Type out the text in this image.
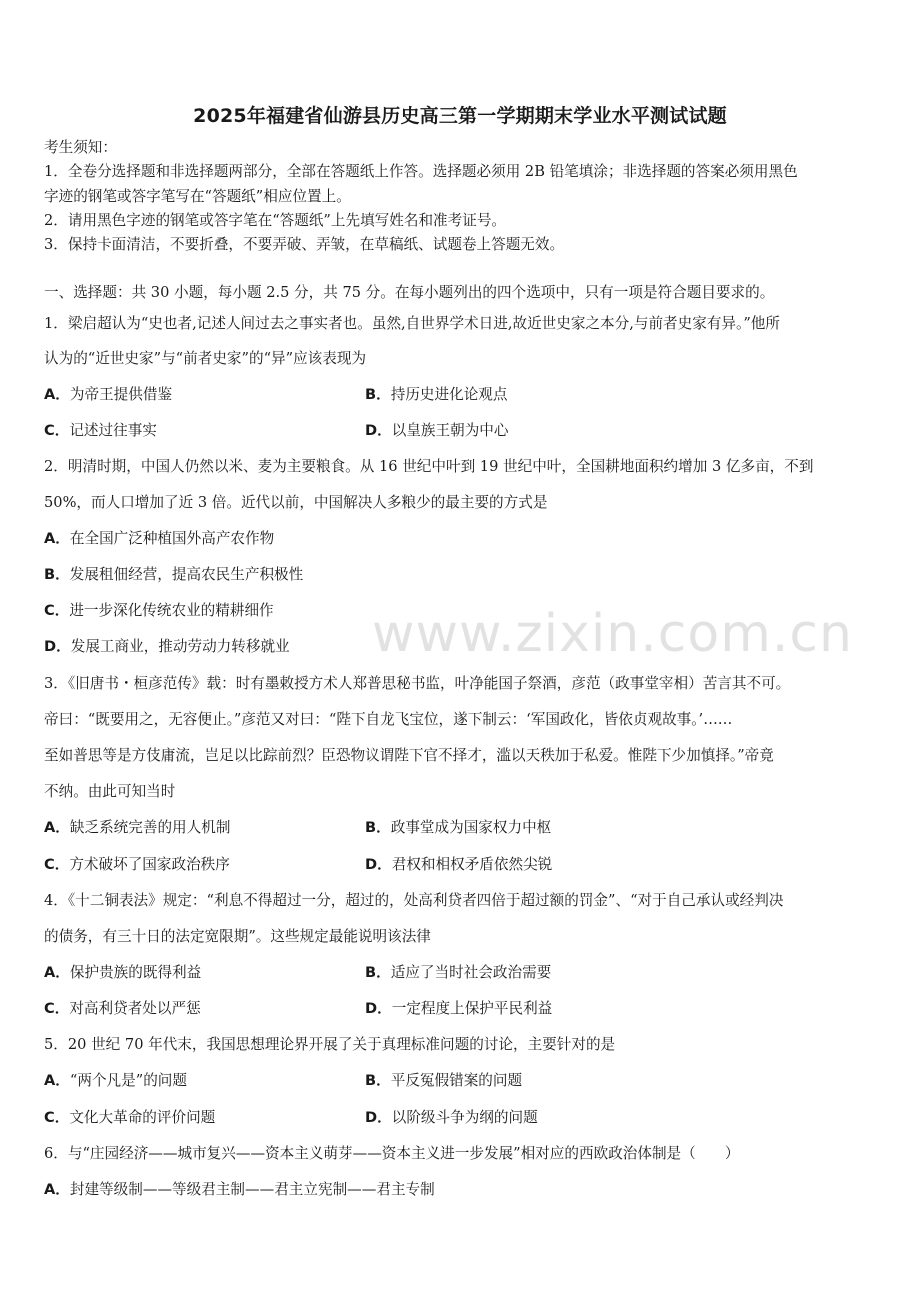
2025年福建省仙游县历史高三第一学期期末学业水平测试试题
考生须知：
1．全卷分选择题和非选择题两部分，全部在答题纸上作答。选择题必须用 2B 铅笔填涂；非选择题的答案必须用黑色
字迹的钢笔或答字笔写在“答题纸”相应位置上。
2．请用黑色字迹的钢笔或答字笔在“答题纸”上先填写姓名和准考证号。
3．保持卡面清洁，不要折叠，不要弄破、弄皱，在草稿纸、试题卷上答题无效。
一、选择题：共 30 小题，每小题 2.5 分，共 75 分。在每小题列出的四个选项中，只有一项是符合题目要求的。
1．梁启超认为“史也者,记述人间过去之事实者也。虽然,自世界学术日进,故近世史家之本分,与前者史家有异。”他所
认为的“近世史家”与“前者史家”的“异”应该表现为
A．为帝王提供借鉴	B．持历史进化论观点
C．记述过往事实	D．以皇族王朝为中心
2．明清时期，中国人仍然以米、麦为主要粮食。从 16 世纪中叶到 19 世纪中叶，全国耕地面积约增加 3 亿多亩，不到
50%，而人口增加了近 3 倍。近代以前，中国解决人多粮少的最主要的方式是
A．在全国广泛种植国外高产农作物
B．发展租佃经营，提高农民生产积极性
C．进一步深化传统农业的精耕细作
D．发展工商业，推动劳动力转移就业
3．《旧唐书・桓彦范传》载：时有墨敕授方术人郑普思秘书监，叶净能国子祭酒，彦范（政事堂宰相）苦言其不可。
帝曰：“既要用之，无容便止。”彦范又对曰：“陛下自龙飞宝位，遂下制云：‘军国政化，皆依贞观故事。’……
至如普思等是方伎庸流，岂足以比踪前烈？臣恐物议谓陛下官不择才，滥以天秩加于私爱。惟陛下少加慎择。”帝竟
不纳。由此可知当时
A．缺乏系统完善的用人机制	B．政事堂成为国家权力中枢
C．方术破坏了国家政治秩序	D．君权和相权矛盾依然尖锐
4．《十二铜表法》规定：“利息不得超过一分，超过的，处高利贷者四倍于超过额的罚金”、“对于自己承认或经判决
的债务，有三十日的法定宽限期”。这些规定最能说明该法律
A．保护贵族的既得利益	B．适应了当时社会政治需要
C．对高利贷者处以严惩	D．一定程度上保护平民利益
5．20 世纪 70 年代末，我国思想理论界开展了关于真理标准问题的讨论，主要针对的是
A．“两个凡是”的问题	B．平反冤假错案的问题
C．文化大革命的评价问题	D．以阶级斗争为纲的问题
6．与“庄园经济——城市复兴——资本主义萌芽——资本主义进一步发展”相对应的西欧政治体制是（　　）
A．封建等级制——等级君主制——君主立宪制——君主专制
www.zixin.com.cn
